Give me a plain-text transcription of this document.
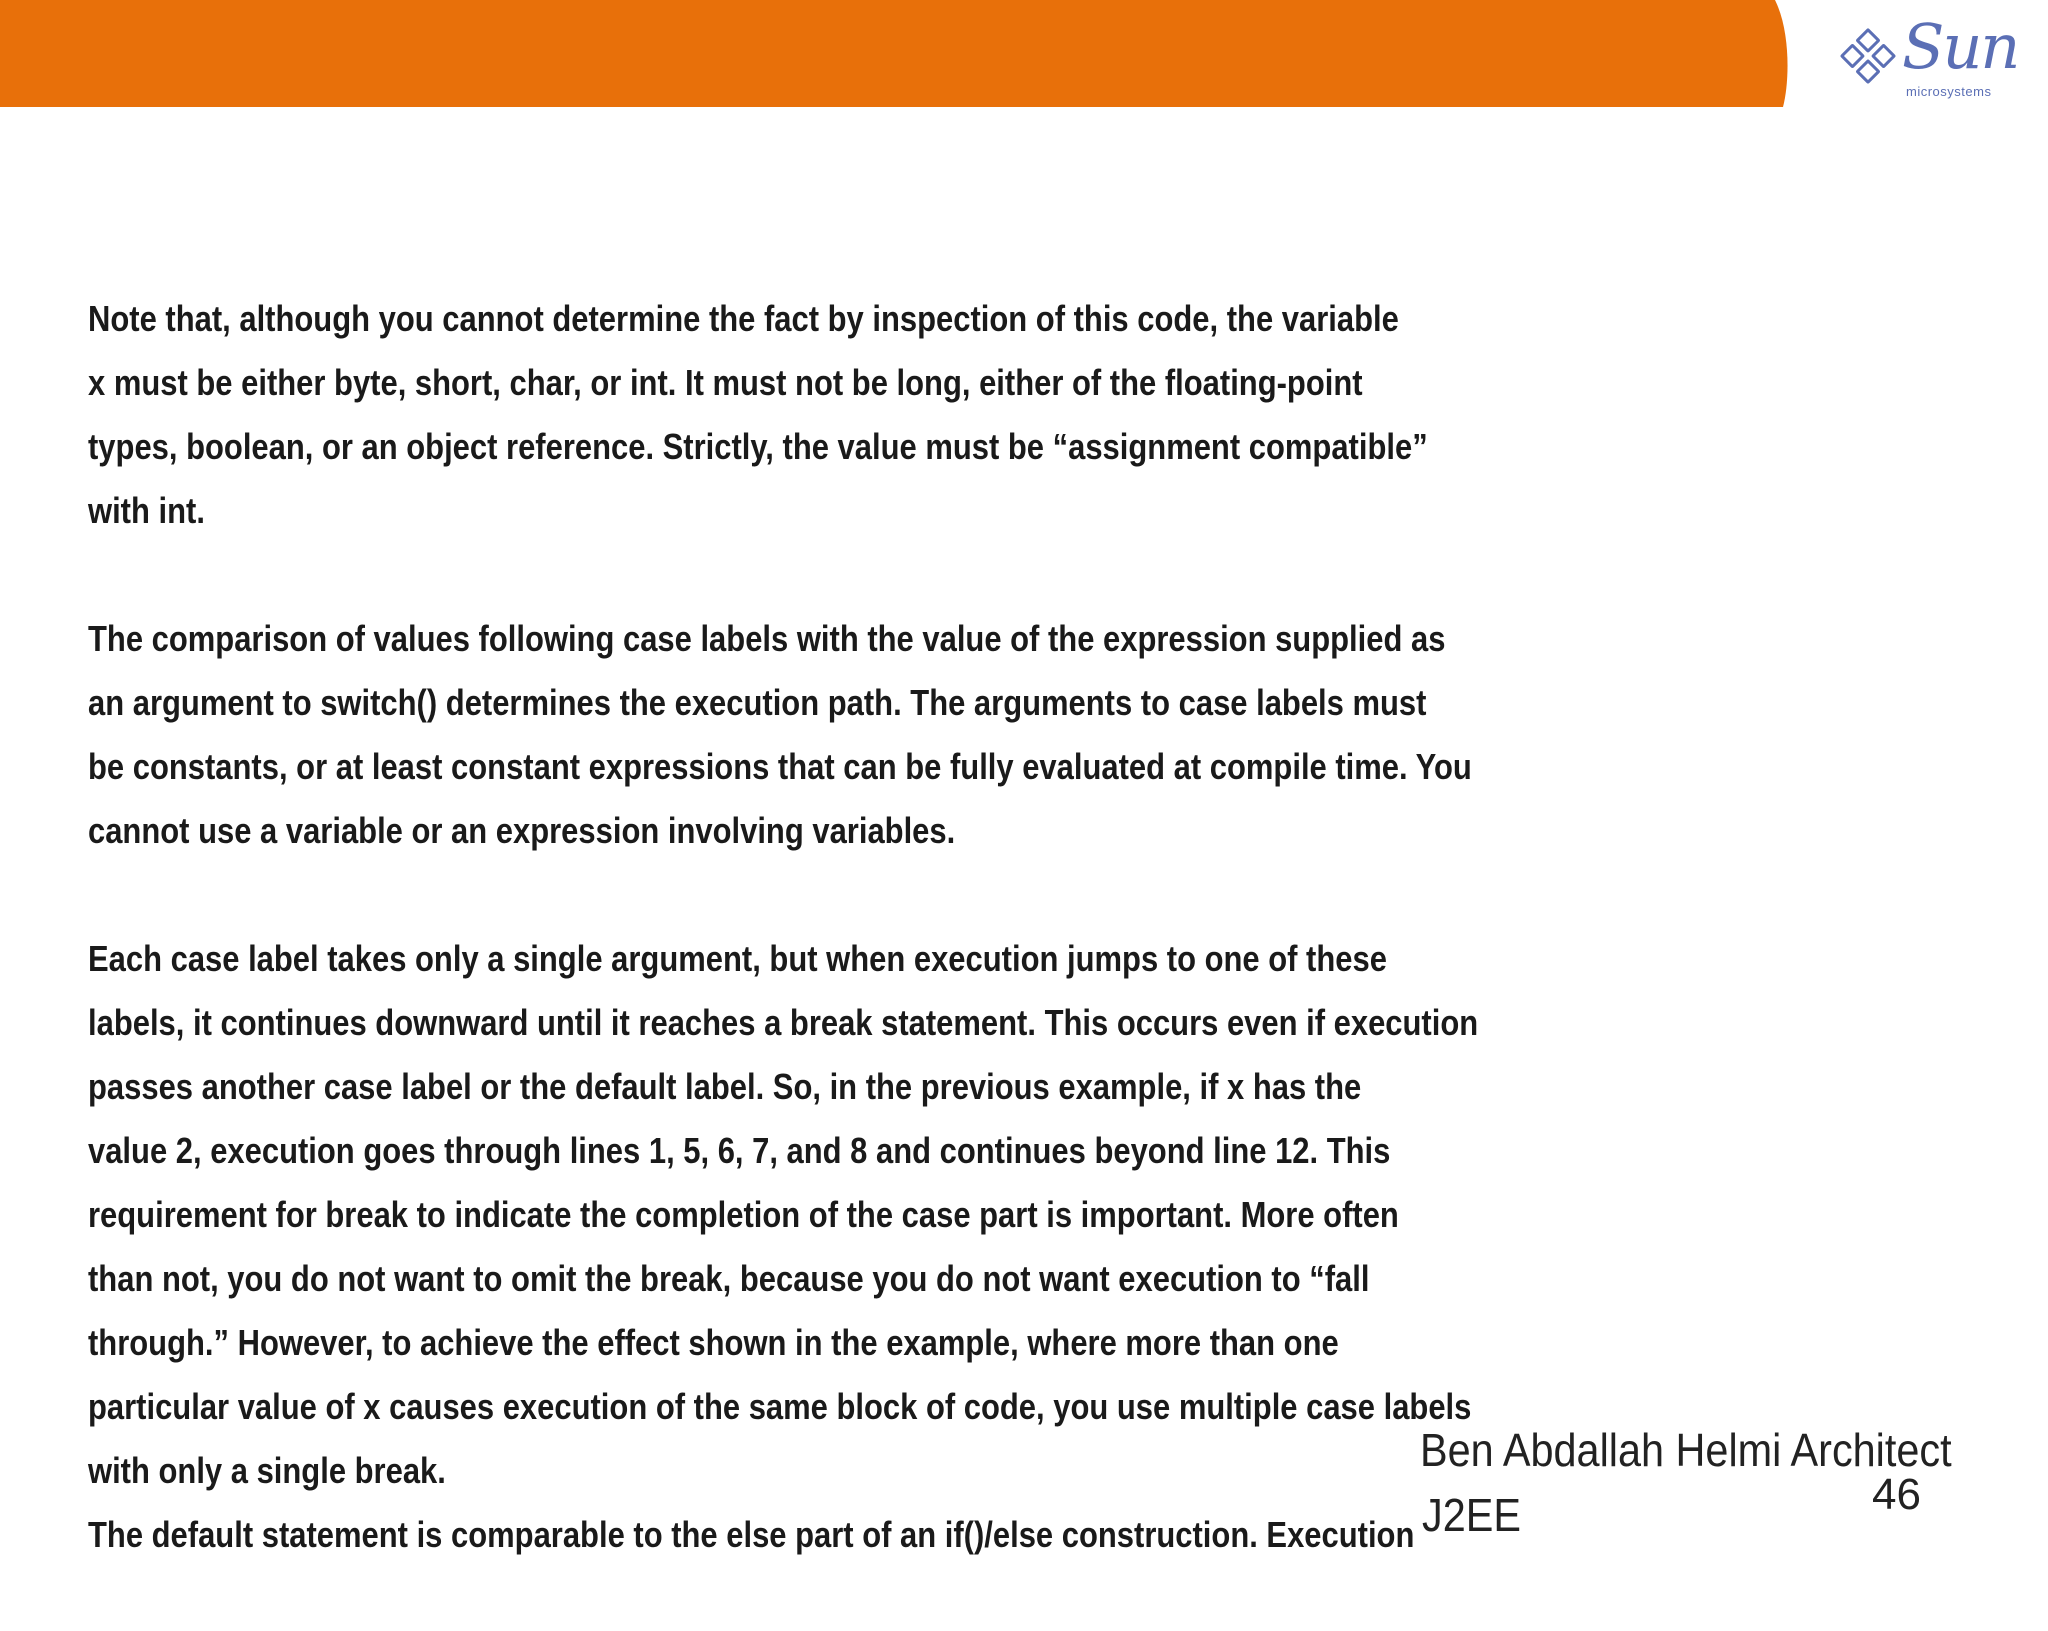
Sun
microsystems
Note that, although you cannot determine the fact by inspection of this code, the variable
x must be either byte, short, char, or int. It must not be long, either of the floating-point
types, boolean, or an object reference. Strictly, the value must be “assignment compatible”
with int.
The comparison of values following case labels with the value of the expression supplied as
an argument to switch() determines the execution path. The arguments to case labels must
be constants, or at least constant expressions that can be fully evaluated at compile time. You
cannot use a variable or an expression involving variables.
Each case label takes only a single argument, but when execution jumps to one of these
labels, it continues downward until it reaches a break statement. This occurs even if execution
passes another case label or the default label. So, in the previous example, if x has the
value 2, execution goes through lines 1, 5, 6, 7, and 8 and continues beyond line 12. This
requirement for break to indicate the completion of the case part is important. More often
than not, you do not want to omit the break, because you do not want execution to “fall
through.” However, to achieve the effect shown in the example, where more than one
particular value of x causes execution of the same block of code, you use multiple case labels
with only a single break.
The default statement is comparable to the else part of an if()/else construction. Execution
Ben Abdallah Helmi Architect
J2EE	46
